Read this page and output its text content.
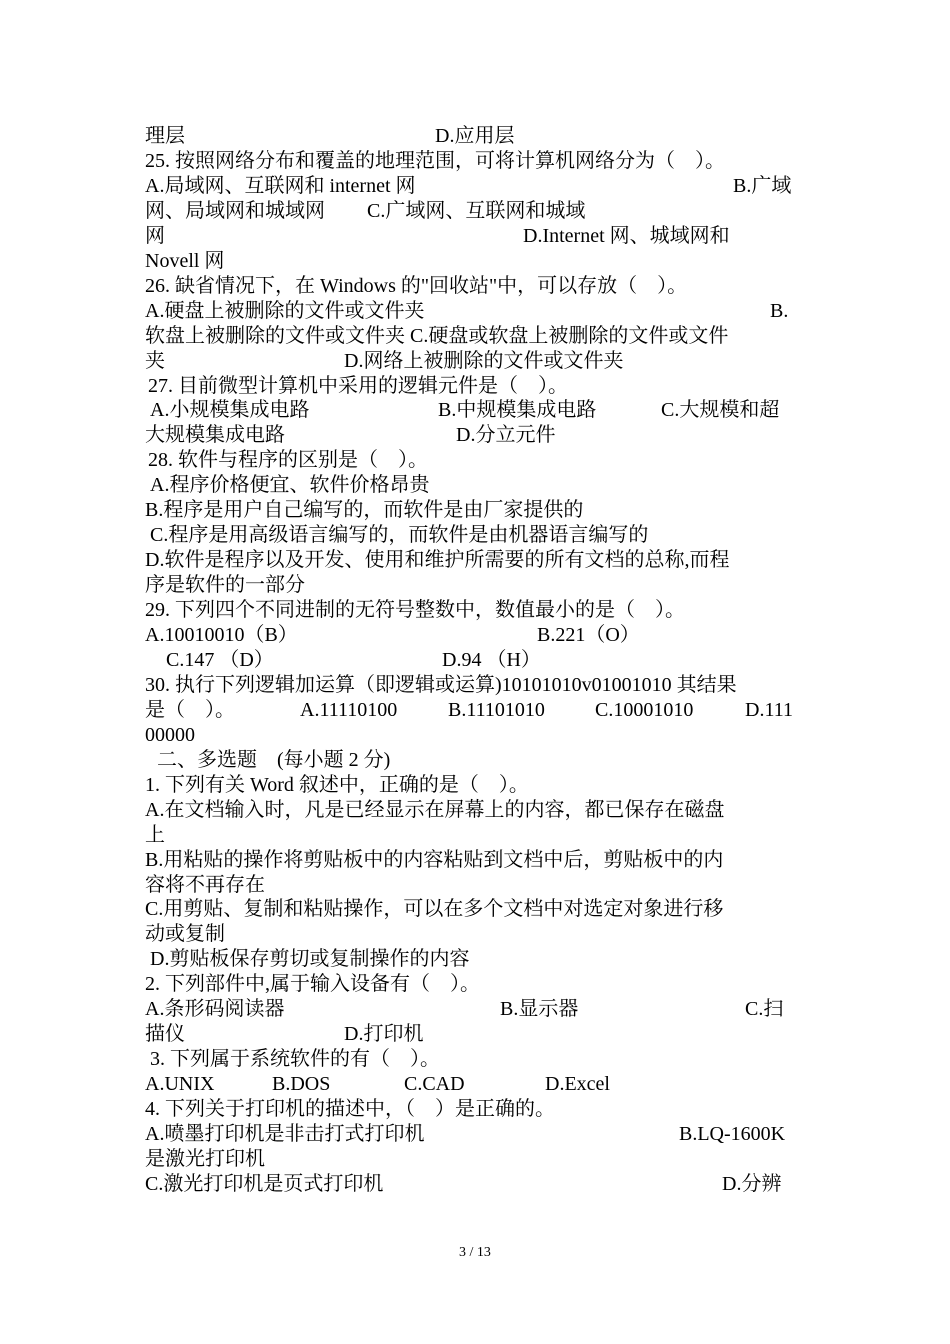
理层	D.应用层
25. 按照网络分布和覆盖的地理范围，可将计算机网络分为（　）。
A.局域网、互联网和 internet 网	B.广域
网、局域网和城域网 C.广域网、互联网和城域
网	D.Internet 网、城域网和
Novell 网
26. 缺省情况下，在 Windows 的"回收站"中，可以存放（　）。
A.硬盘上被删除的文件或文件夹	B.
软盘上被删除的文件或文件夹 C.硬盘或软盘上被删除的文件或文件
夹	D.网络上被删除的文件或文件夹
27. 目前微型计算机中采用的逻辑元件是（　）。
A.小规模集成电路	B.中规模集成电路	C.大规模和超
大规模集成电路	D.分立元件
28. 软件与程序的区别是（　）。
A.程序价格便宜、软件价格昂贵
B.程序是用户自己编写的，而软件是由厂家提供的
C.程序是用高级语言编写的，而软件是由机器语言编写的
D.软件是程序以及开发、使用和维护所需要的所有文档的总称,而程
序是软件的一部分
29. 下列四个不同进制的无符号整数中，数值最小的是（　）。
A.10010010（B）	B.221（O）
C.147 （D）	D.94 （H）
30. 执行下列逻辑加运算（即逻辑或运算)10101010v01001010 其结果
是（　）。	A.11110100	B.11101010	C.10001010	D.111
00000
二、多选题　(每小题 2 分)
1. 下列有关 Word 叙述中，正确的是（　）。
A.在文档输入时，凡是已经显示在屏幕上的内容，都已保存在磁盘
上
B.用粘贴的操作将剪贴板中的内容粘贴到文档中后，剪贴板中的内
容将不再存在
C.用剪贴、复制和粘贴操作，可以在多个文档中对选定对象进行移
动或复制
D.剪贴板保存剪切或复制操作的内容
2. 下列部件中,属于输入设备有（　）。
A.条形码阅读器	B.显示器	C.扫
描仪	D.打印机
3. 下列属于系统软件的有（　）。
A.UNIX	B.DOS	C.CAD	D.Excel
4. 下列关于打印机的描述中，（　）是正确的。
A.喷墨打印机是非击打式打印机	B.LQ-1600K
是激光打印机
C.激光打印机是页式打印机	D.分辨
3 / 13
